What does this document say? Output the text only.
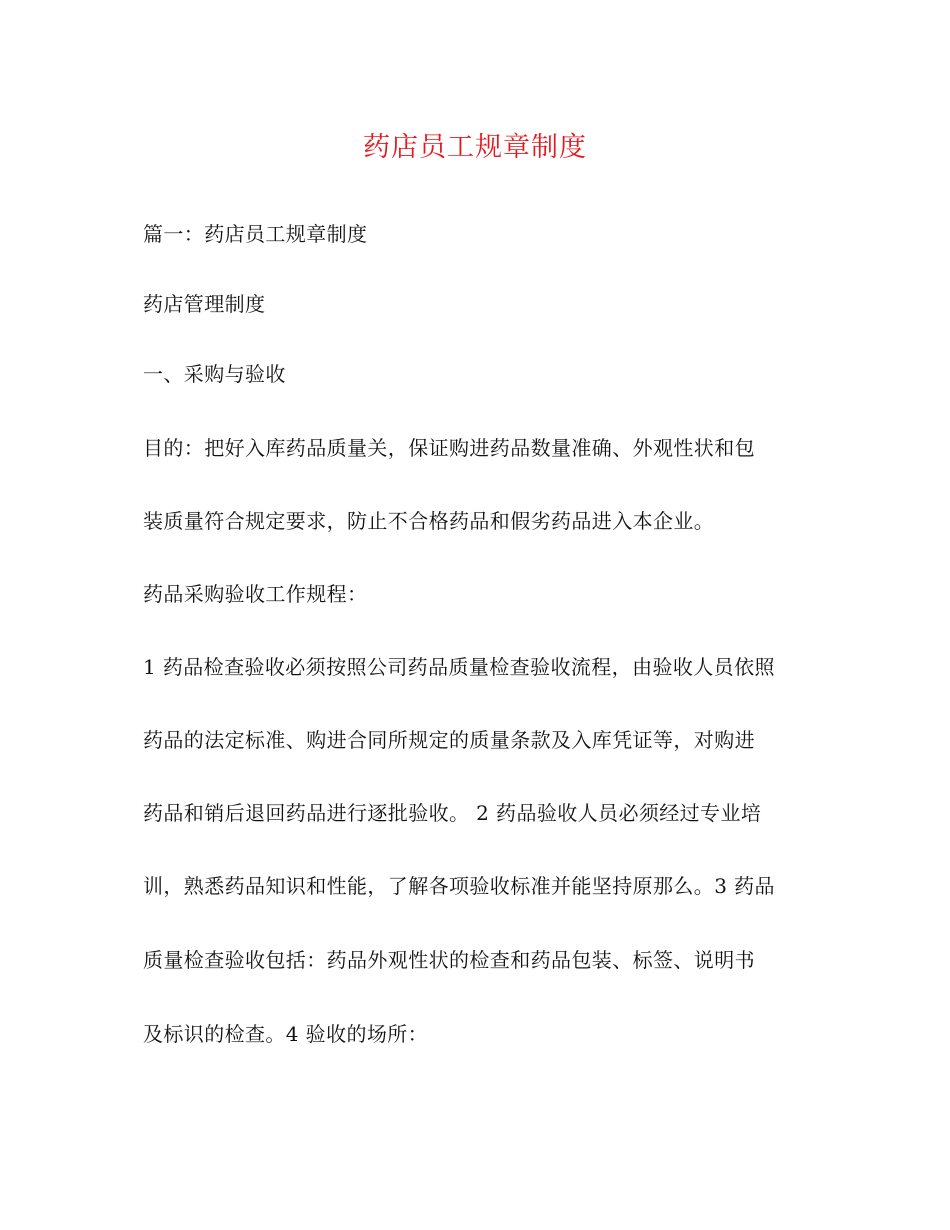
药店员工规章制度
篇一：药店员工规章制度
药店管理制度
一、采购与验收
目的：把好入库药品质量关，保证购进药品数量准确、外观性状和包
装质量符合规定要求，防止不合格药品和假劣药品进入本企业。
药品采购验收工作规程：
1 药品检查验收必须按照公司药品质量检查验收流程，由验收人员依照
药品的法定标准、购进合同所规定的质量条款及入库凭证等，对购进
药品和销后退回药品进行逐批验收。 2 药品验收人员必须经过专业培
训，熟悉药品知识和性能，了解各项验收标准并能坚持原那么。3 药品
质量检查验收包括：药品外观性状的检查和药品包装、标签、说明书
及标识的检查。4 验收的场所：
